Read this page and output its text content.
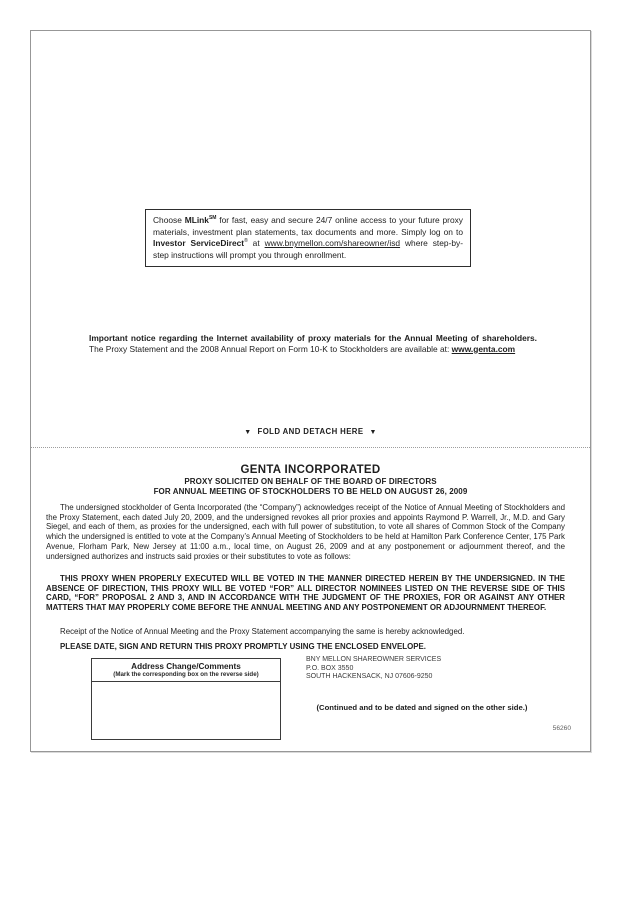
Choose MLink℠ for fast, easy and secure 24/7 online access to your future proxy materials, investment plan statements, tax documents and more. Simply log on to Investor ServiceDirect® at www.bnymellon.com/shareowner/isd where step-by-step instructions will prompt you through enrollment.
Important notice regarding the Internet availability of proxy materials for the Annual Meeting of shareholders. The Proxy Statement and the 2008 Annual Report on Form 10-K to Stockholders are available at: www.genta.com
▼ FOLD AND DETACH HERE ▼
GENTA INCORPORATED
PROXY SOLICITED ON BEHALF OF THE BOARD OF DIRECTORS
FOR ANNUAL MEETING OF STOCKHOLDERS TO BE HELD ON AUGUST 26, 2009
The undersigned stockholder of Genta Incorporated (the “Company”) acknowledges receipt of the Notice of Annual Meeting of Stockholders and the Proxy Statement, each dated July 20, 2009, and the undersigned revokes all prior proxies and appoints Raymond P. Warrell, Jr., M.D. and Gary Siegel, and each of them, as proxies for the undersigned, each with full power of substitution, to vote all shares of Common Stock of the Company which the undersigned is entitled to vote at the Company’s Annual Meeting of Stockholders to be held at Hamilton Park Conference Center, 175 Park Avenue, Florham Park, New Jersey at 11:00 a.m., local time, on August 26, 2009 and at any postponement or adjournment thereof, and the undersigned authorizes and instructs said proxies or their substitutes to vote as follows:
THIS PROXY WHEN PROPERLY EXECUTED WILL BE VOTED IN THE MANNER DIRECTED HEREIN BY THE UNDERSIGNED. IN THE ABSENCE OF DIRECTION, THIS PROXY WILL BE VOTED “FOR” ALL DIRECTOR NOMINEES LISTED ON THE REVERSE SIDE OF THIS CARD, “FOR” PROPOSAL 2 AND 3, AND IN ACCORDANCE WITH THE JUDGMENT OF THE PROXIES, FOR OR AGAINST ANY OTHER MATTERS THAT MAY PROPERLY COME BEFORE THE ANNUAL MEETING AND ANY POSTPONEMENT OR ADJOURNMENT THEREOF.
Receipt of the Notice of Annual Meeting and the Proxy Statement accompanying the same is hereby acknowledged.
PLEASE DATE, SIGN AND RETURN THIS PROXY PROMPTLY USING THE ENCLOSED ENVELOPE.
Address Change/Comments
(Mark the corresponding box on the reverse side)
BNY MELLON SHAREOWNER SERVICES
P.O. BOX 3550
SOUTH HACKENSACK, NJ 07606-9250
(Continued and to be dated and signed on the other side.)
56260
